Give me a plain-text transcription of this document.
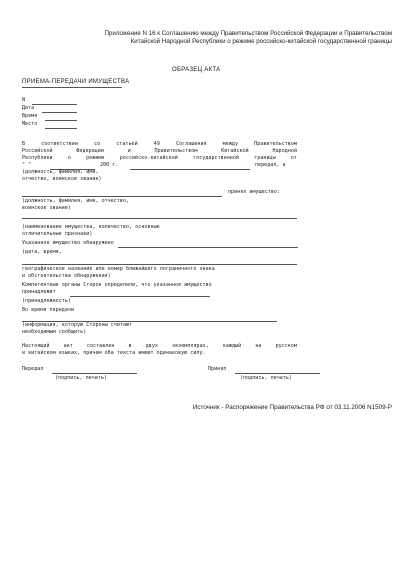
Приложение N 16 к Соглашению между Правительством Российской Федерации и Правительством
Китайской Народной Республики о режиме российско-китайской государственной границы
ОБРАЗЕЦ АКТА
ПРИЕМА-ПЕРЕДАЧИ ИМУЩЕСТВА
N
Дата
Время
Место
В соответствии со статьей 49 Соглашения между Правительством
Российской Федерации и Правительством Китайской Народной
Республики о режиме российско-китайской государственной границы от
" "	200 г.	передал, а
(должность, фамилия, имя,
отчество, воинское звание)
принял имущество:
(должность, фамилия, имя, отчество,
воинское звание)
(наименование имущества, количество, основные
отличительные признаки)
Указанное имущество обнаружено
(дата, время,
географическое название или номер ближайшего пограничного знака
и обстоятельства обнаружения)
Компетентные органы Сторон определили, что указанное имущество
принадлежит
(принадлежность)
Во время передачи
(информация, которую Стороны считают
необходимым сообщить)
Настоящий акт составлен в двух экземплярах, каждый на русском
и китайском языках, причем оба текста имеют одинаковую силу.
Передал
(подпись, печать)
Принял
(подпись, печать)
Источник - Распоряжение Правительства РФ от 03.11.2006 N1509-Р
